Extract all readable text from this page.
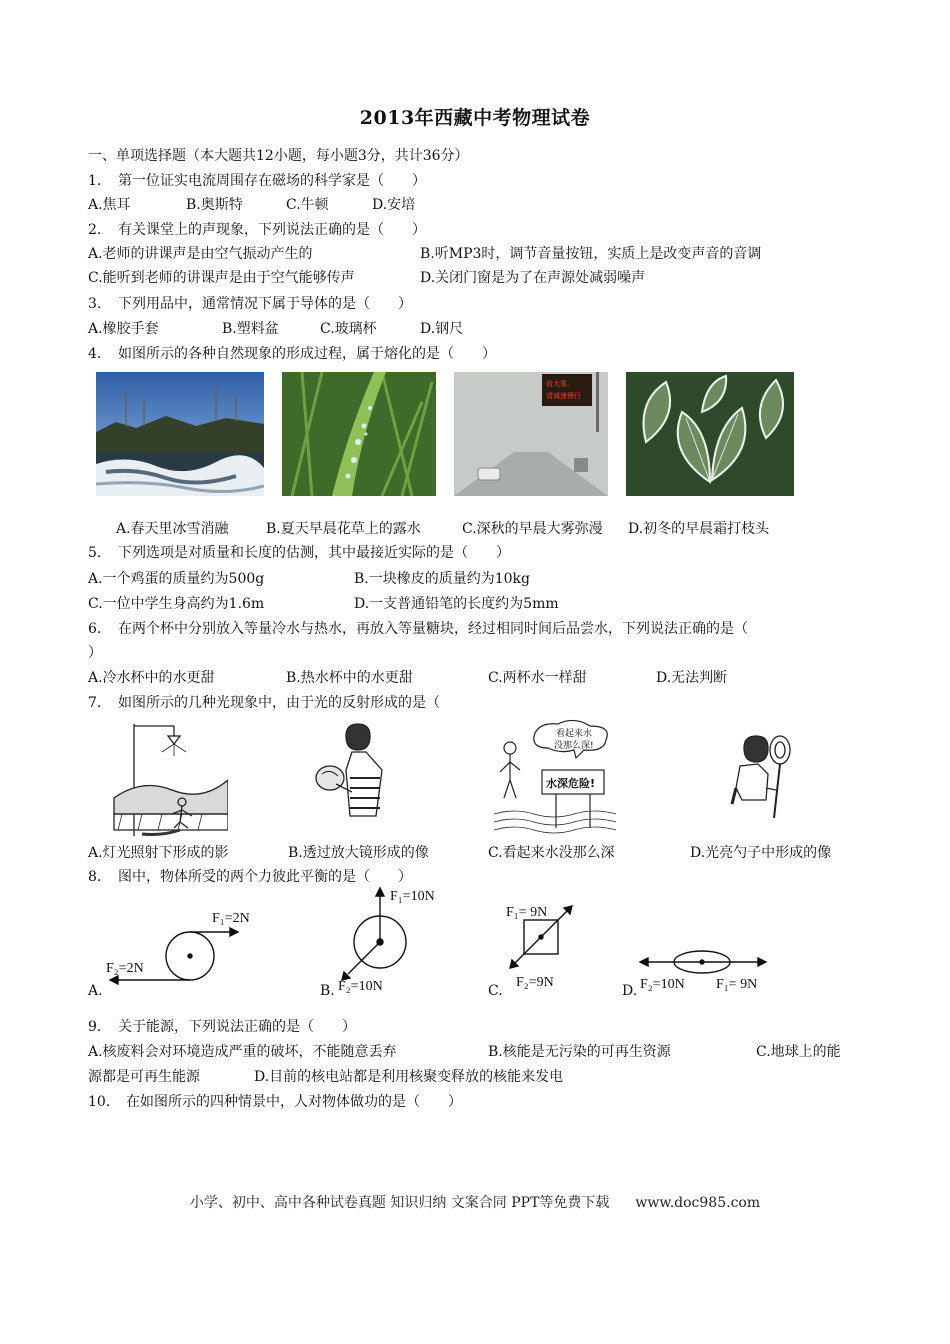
2013年西藏中考物理试卷
一、单项选择题（本大题共12小题，每小题3分，共计36分）
1. 第一位证实电流周围存在磁场的科学家是（　　）
A.焦耳	B.奥斯特	C.牛顿	D.安培
2. 有关课堂上的声现象，下列说法正确的是（　　）
A.老师的讲课声是由空气振动产生的	B.听MP3时，调节音量按钮，实质上是改变声音的音调
C.能听到老师的讲课声是由于空气能够传声	D.关闭门窗是为了在声源处减弱噪声
3. 下列用品中，通常情况下属于导体的是（　　）
A.橡胶手套	B.塑料盆	C.玻璃杯	D.钢尺
4. 如图所示的各种自然现象的形成过程，属于熔化的是（　　）
前大雾,
请减速慢行
A.春天里冰雪消融	B.夏天早晨花草上的露水	C.深秋的早晨大雾弥漫 D.初冬的早晨霜打枝头
5. 下列选项是对质量和长度的估测，其中最接近实际的是（　　）
A.一个鸡蛋的质量约为500g	B.一块橡皮的质量约为10kg
C.一位中学生身高约为1.6m	D.一支普通铅笔的长度约为5mm
6. 在两个杯中分别放入等量冷水与热水，再放入等量糖块，经过相同时间后品尝水，下列说法正确的是（
）
A.冷水杯中的水更甜	B.热水杯中的水更甜	C.两杯水一样甜	D.无法判断
7. 如图所示的几种光现象中，由于光的反射形成的是（
看起来水
没那么深!
水深危险!
A.灯光照射下形成的影	B.透过放大镜形成的像	C.看起来水没那么深	D.光亮勺子中形成的像
8. 图中，物体所受的两个力彼此平衡的是（　　）
A.
F₁=2N
F₂=2N
B.
F₁=10N
F₂=10N	C.
F₁= 9N
F₂=9N
D. F₂=10N F₁= 9N
9. 关于能源，下列说法正确的是（　　）
A.核废料会对环境造成严重的破坏，不能随意丢弃	B.核能是无污染的可再生资源	C.地球上的能
源都是可再生能源	D.目前的核电站都是利用核聚变释放的核能来发电
10. 在如图所示的四种情景中，人对物体做功的是（　　）
小学、初中、高中各种试卷真题 知识归纳 文案合同 PPT等免费下载 www.doc985.com
